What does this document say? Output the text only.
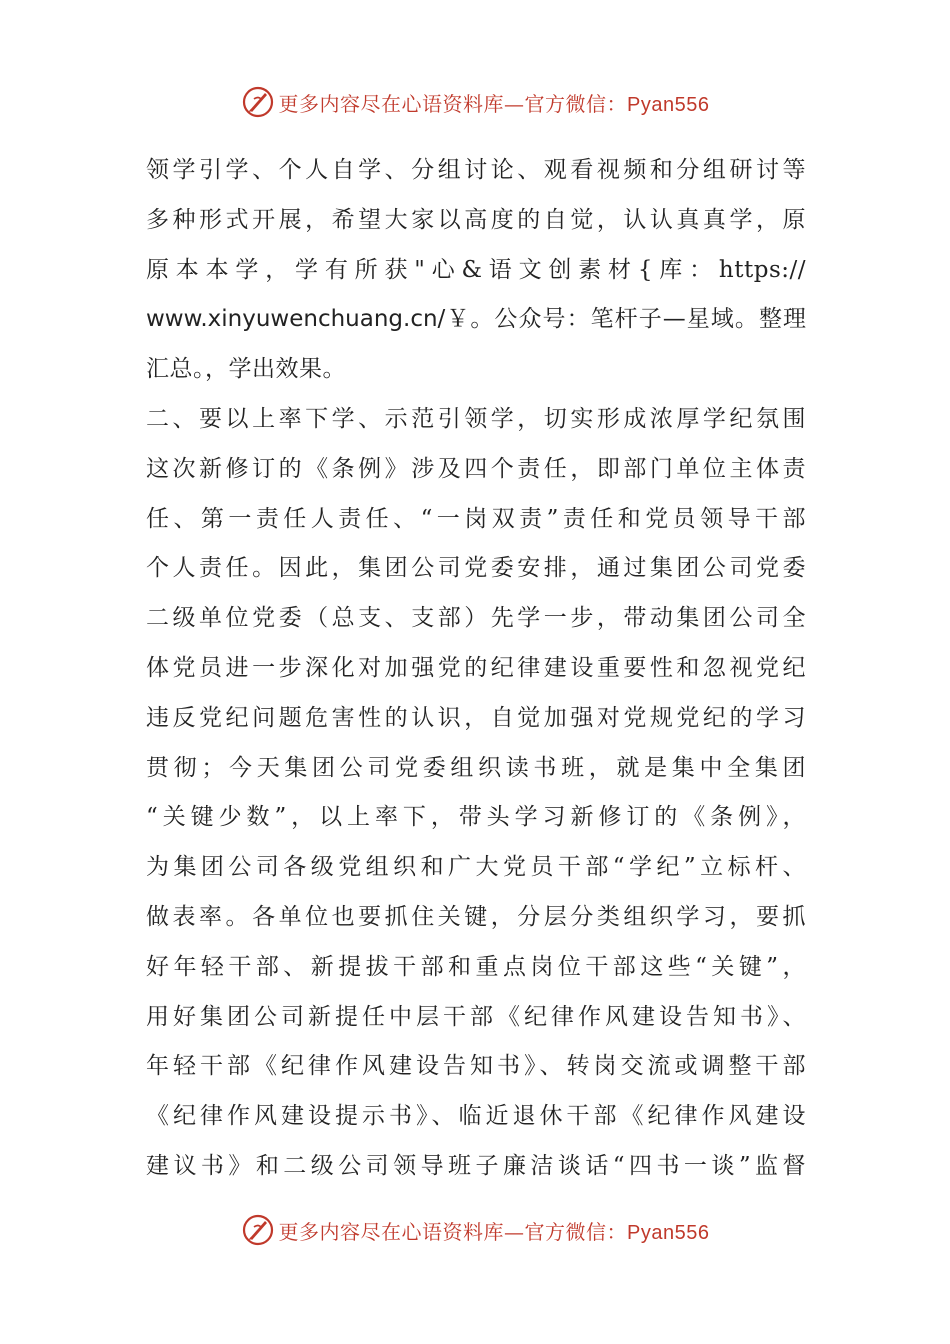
更多内容尽在心语资料库—官方微信：Pyan556
领学引学、个人自学、分组讨论、观看视频和分组研讨等
多种形式开展，希望大家以高度的自觉，认认真真学，原
原本本学，学有所获"心&语文创素材{库：https://
www.xinyuwenchuang.cn/￥。公众号：笔杆子—星域。整理
汇总。，学出效果。
二、要以上率下学、示范引领学，切实形成浓厚学纪氛围
这次新修订的《条例》涉及四个责任，即部门单位主体责
任、第一责任人责任、“一岗双责”责任和党员领导干部
个人责任。因此，集团公司党委安排，通过集团公司党委
二级单位党委（总支、支部）先学一步，带动集团公司全
体党员进一步深化对加强党的纪律建设重要性和忽视党纪
违反党纪问题危害性的认识，自觉加强对党规党纪的学习
贯彻；今天集团公司党委组织读书班，就是集中全集团
“关键少数”，以上率下，带头学习新修订的《条例》，
为集团公司各级党组织和广大党员干部“学纪”立标杆、
做表率。各单位也要抓住关键，分层分类组织学习，要抓
好年轻干部、新提拔干部和重点岗位干部这些“关键”，
用好集团公司新提任中层干部《纪律作风建设告知书》、
年轻干部《纪律作风建设告知书》、转岗交流或调整干部
《纪律作风建设提示书》、临近退休干部《纪律作风建设
建议书》和二级公司领导班子廉洁谈话“四书一谈”监督
更多内容尽在心语资料库—官方微信：Pyan556
